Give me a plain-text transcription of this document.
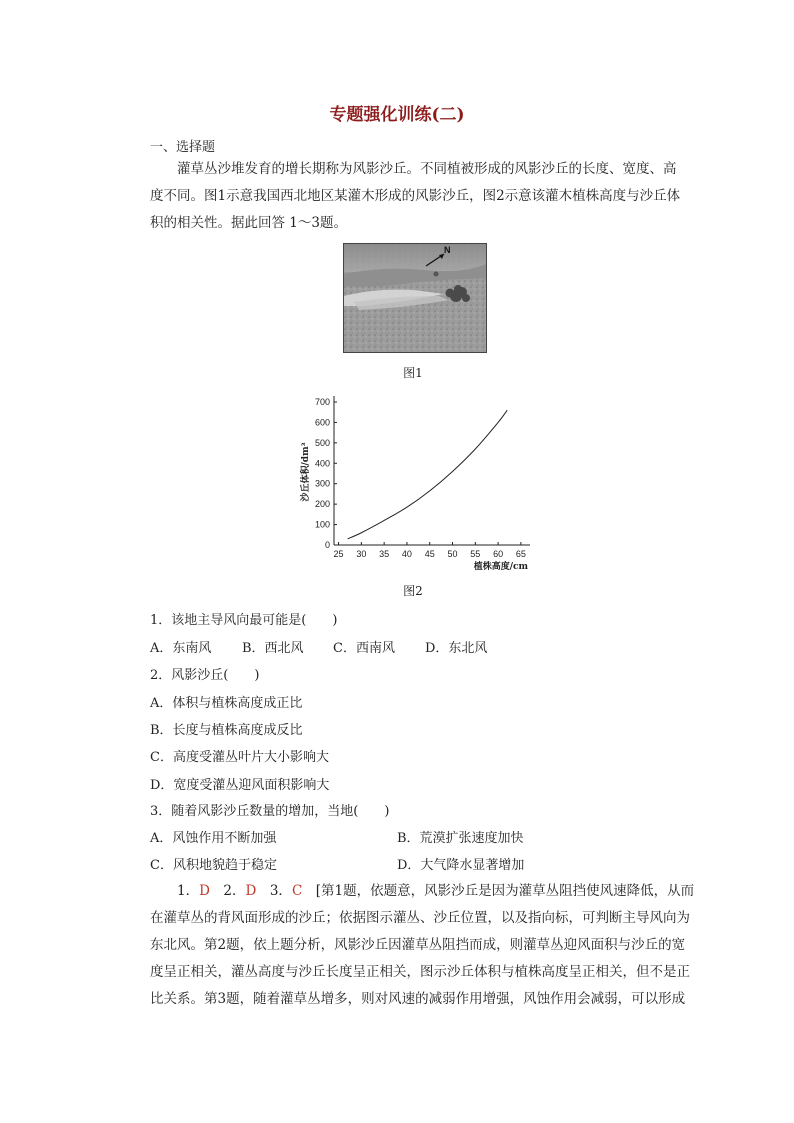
专题强化训练(二)
一、选择题
灌草丛沙堆发育的增长期称为风影沙丘。不同植被形成的风影沙丘的长度、宽度、高
度不同。图1示意我国西北地区某灌木形成的风影沙丘，图2示意该灌木植株高度与沙丘体
积的相关性。据此回答 1～3题。
N
图1
0
100
200
300
400
500
600
700
25 30 35 40 45 50 55 60 65
植株高度/cm
沙丘体积/dm³
图2
1．该地主导风向最可能是(　　)
A．东南风 B．西北风 C．西南风 D．东北风
2．风影沙丘(　　)
A．体积与植株高度成正比
B．长度与植株高度成反比
C．高度受灌丛叶片大小影响大
D．宽度受灌丛迎风面积影响大
3．随着风影沙丘数量的增加，当地(　　)
A．风蚀作用不断加强	B．荒漠扩张速度加快
C．风积地貌趋于稳定	D．大气降水显著增加
1．D　 2．D　 3．C　 [第1题，依题意，风影沙丘是因为灌草丛阻挡使风速降低，从而
在灌草丛的背风面形成的沙丘；依据图示灌丛、沙丘位置，以及指向标，可判断主导风向为
东北风。第2题，依上题分析，风影沙丘因灌草丛阻挡而成，则灌草丛迎风面积与沙丘的宽
度呈正相关，灌丛高度与沙丘长度呈正相关，图示沙丘体积与植株高度呈正相关，但不是正
比关系。第3题，随着灌草丛增多，则对风速的减弱作用增强，风蚀作用会减弱，可以形成
